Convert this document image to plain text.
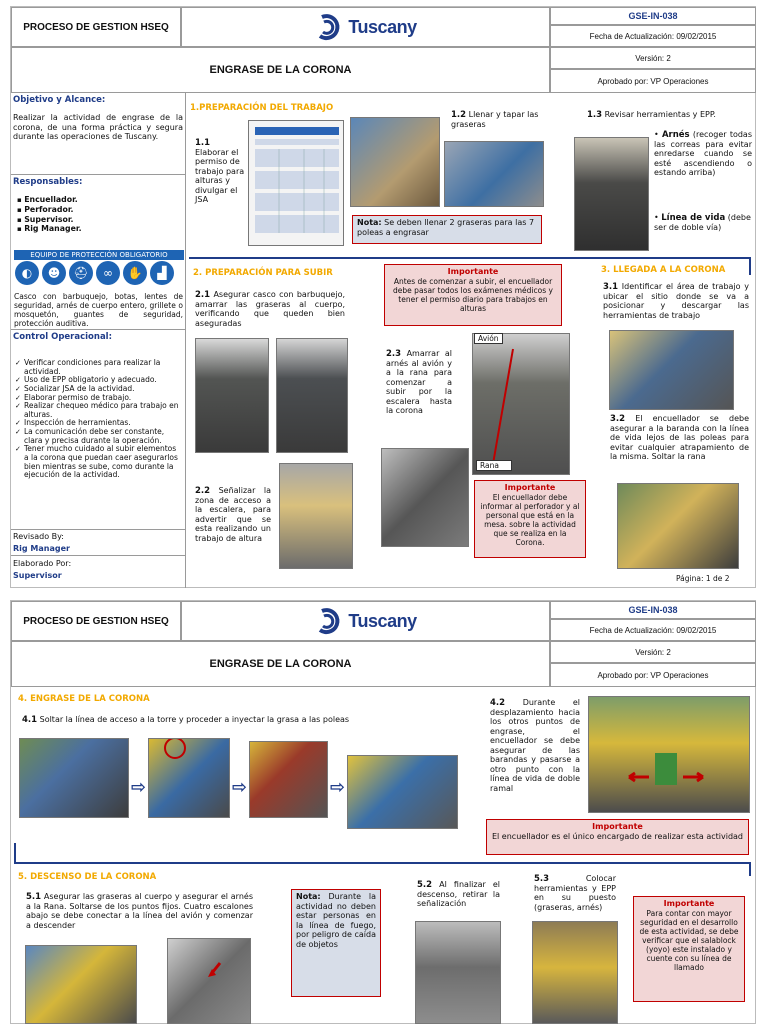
PROCESO DE GESTION HSEQ	Tuscany
GSE-IN-038
Fecha de Actualización: 09/02/2015
Versión: 2
Aprobado por: VP Operaciones
ENGRASE DE LA CORONA
Objetivo y Alcance:
Realizar la actividad de engrase de la corona, de una forma práctica y segura durante las operaciones de Tuscany.
Responsables:
▪ Encuellador.
▪ Perforador.
▪ Supervisor.
▪ Rig Manager.
EQUIPO DE PROTECCIÓN OBLIGATORIO
◐	☻	⛑	∞	✋	▟
Casco con barbuquejo, botas, lentes de seguridad, arnés de cuerpo entero, grillete o mosquetón, guantes de seguridad, protección auditiva.
Control Operacional:
✓ Verificar condiciones para realizar la actividad.
✓ Uso de EPP obligatorio y adecuado.
✓ Socializar JSA de la actividad.
✓ Elaborar permiso de trabajo.
✓ Realizar chequeo médico para trabajo en alturas.
✓ Inspección de herramientas.
✓ La comunicación debe ser constante, clara y precisa durante la operación.
✓ Tener mucho cuidado al subir elementos a la corona que puedan caer asegurarlos bien mientras se sube, como durante la ejecución de la actividad.
Revisado By:
Rig Manager
Elaborado Por:
Supervisor
1.PREPARACIÓN DEL TRABAJO
1.1
Elaborar el permiso de trabajo para alturas y divulgar el JSA
1.2 Llenar y tapar las graseras
Nota: Se deben llenar 2 graseras para las 7 poleas a engrasar
1.3 Revisar herramientas y EPP.
• Arnés (recoger todas las correas para evitar enredarse cuando se esté ascendiendo o estando arriba)
• Línea de vida (debe ser de doble vía)
2. PREPARACIÓN PARA SUBIR	Importante
Antes de comenzar a subir, el encuellador debe pasar todos los exámenes médicos y tener el permiso diario para trabajos en alturas
3. LLEGADA A LA CORONA
2.1 Asegurar casco con barbuquejo, amarrar las graseras al cuerpo, verificando que queden bien aseguradas
2.2 Señalizar la zona de acceso a la escalera, para advertir que se esta realizando un trabajo de altura
2.3 Amarrar al arnés al avión y a la rana para comenzar a subir por la escalera hasta la corona
Avión
Rana
Importante
El encuellador debe informar al perforador y al personal que está en la mesa. sobre la actividad que se realiza en la Corona.
3.1 Identificar el área de trabajo y ubicar el sitio donde se va a posicionar y descargar las herramientas de trabajo
3.2 El encuellador se debe asegurar a la baranda con la línea de vida lejos de las poleas para evitar cualquier atrapamiento de la misma. Soltar la rana
Página: 1 de 2
PROCESO DE GESTION HSEQ	Tuscany
GSE-IN-038
Fecha de Actualización: 09/02/2015
Versión: 2
Aprobado por: VP Operaciones
ENGRASE DE LA CORONA
4. ENGRASE DE LA CORONA
4.1 Soltar la línea de acceso a la torre y proceder a inyectar la grasa a las poleas
⇨	⇨	⇨
4.2 Durante el desplazamiento hacia los otros puntos de engrase, el encuellador se debe asegurar de las barandas y pasarse a otro punto con la línea de vida de doble ramal
Importante
El encuellador es el único encargado de realizar esta actividad
5. DESCENSO DE LA CORONA
5.1 Asegurar las graseras al cuerpo y asegurar el arnés a la Rana. Soltarse de los puntos fijos. Cuatro escalones abajo se debe conectar a la línea del avión y comenzar a descender
Nota: Durante la actividad no deben estar personas en la línea de fuego, por peligro de caída de objetos
5.2 Al finalizar el descenso, retirar la señalización
5.3	Colocar herramientas y EPP en su puesto (graseras, arnés)	Importante
Para contar con mayor seguridad en el desarrollo de esta actividad, se debe verificar que el salablock (yoyo) este instalado y cuente con su línea de llamado
